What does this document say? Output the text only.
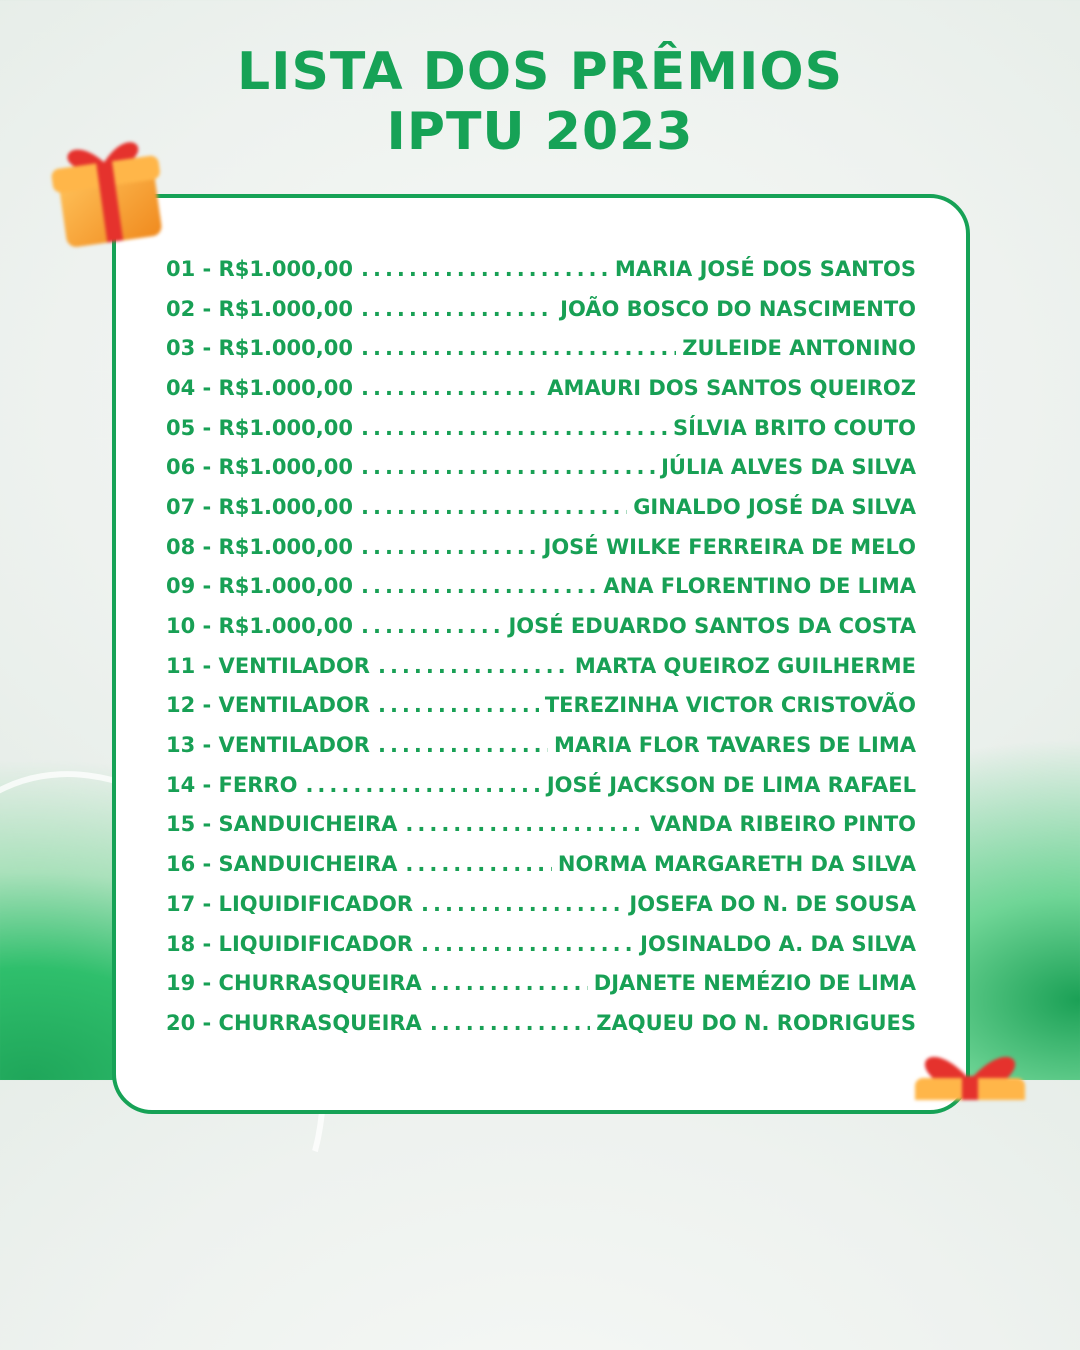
LISTA DOS PRÊMIOS
IPTU 2023
01 - R$1.000,00 .....	MARIA JOSÉ DOS SANTOS
02 - R$1.000,00 .....	JOÃO BOSCO DO NASCIMENTO
03 - R$1.000,00 .....	ZULEIDE ANTONINO
04 - R$1.000,00 .....	AMAURI DOS SANTOS QUEIROZ
05 - R$1.000,00 .....	SÍLVIA BRITO COUTO
06 - R$1.000,00 .....	JÚLIA ALVES DA SILVA
07 - R$1.000,00 .....	GINALDO JOSÉ DA SILVA
08 - R$1.000,00 .....	JOSÉ WILKE FERREIRA DE MELO
09 - R$1.000,00 .....	ANA FLORENTINO DE LIMA
10 - R$1.000,00 .....	JOSÉ EDUARDO SANTOS DA COSTA
11 - VENTILADOR .....	MARTA QUEIROZ GUILHERME
12 - VENTILADOR .....	TEREZINHA VICTOR CRISTOVÃO
13 - VENTILADOR .....	MARIA FLOR TAVARES DE LIMA
14 - FERRO .....	JOSÉ JACKSON DE LIMA RAFAEL
15 - SANDUICHEIRA .....	VANDA RIBEIRO PINTO
16 - SANDUICHEIRA .....	NORMA MARGARETH DA SILVA
17 - LIQUIDIFICADOR .....	JOSEFA DO N. DE SOUSA
18 - LIQUIDIFICADOR .....	JOSINALDO A. DA SILVA
19 - CHURRASQUEIRA .....	DJANETE NEMÉZIO DE LIMA
20 - CHURRASQUEIRA .....	ZAQUEU DO N. RODRIGUES
